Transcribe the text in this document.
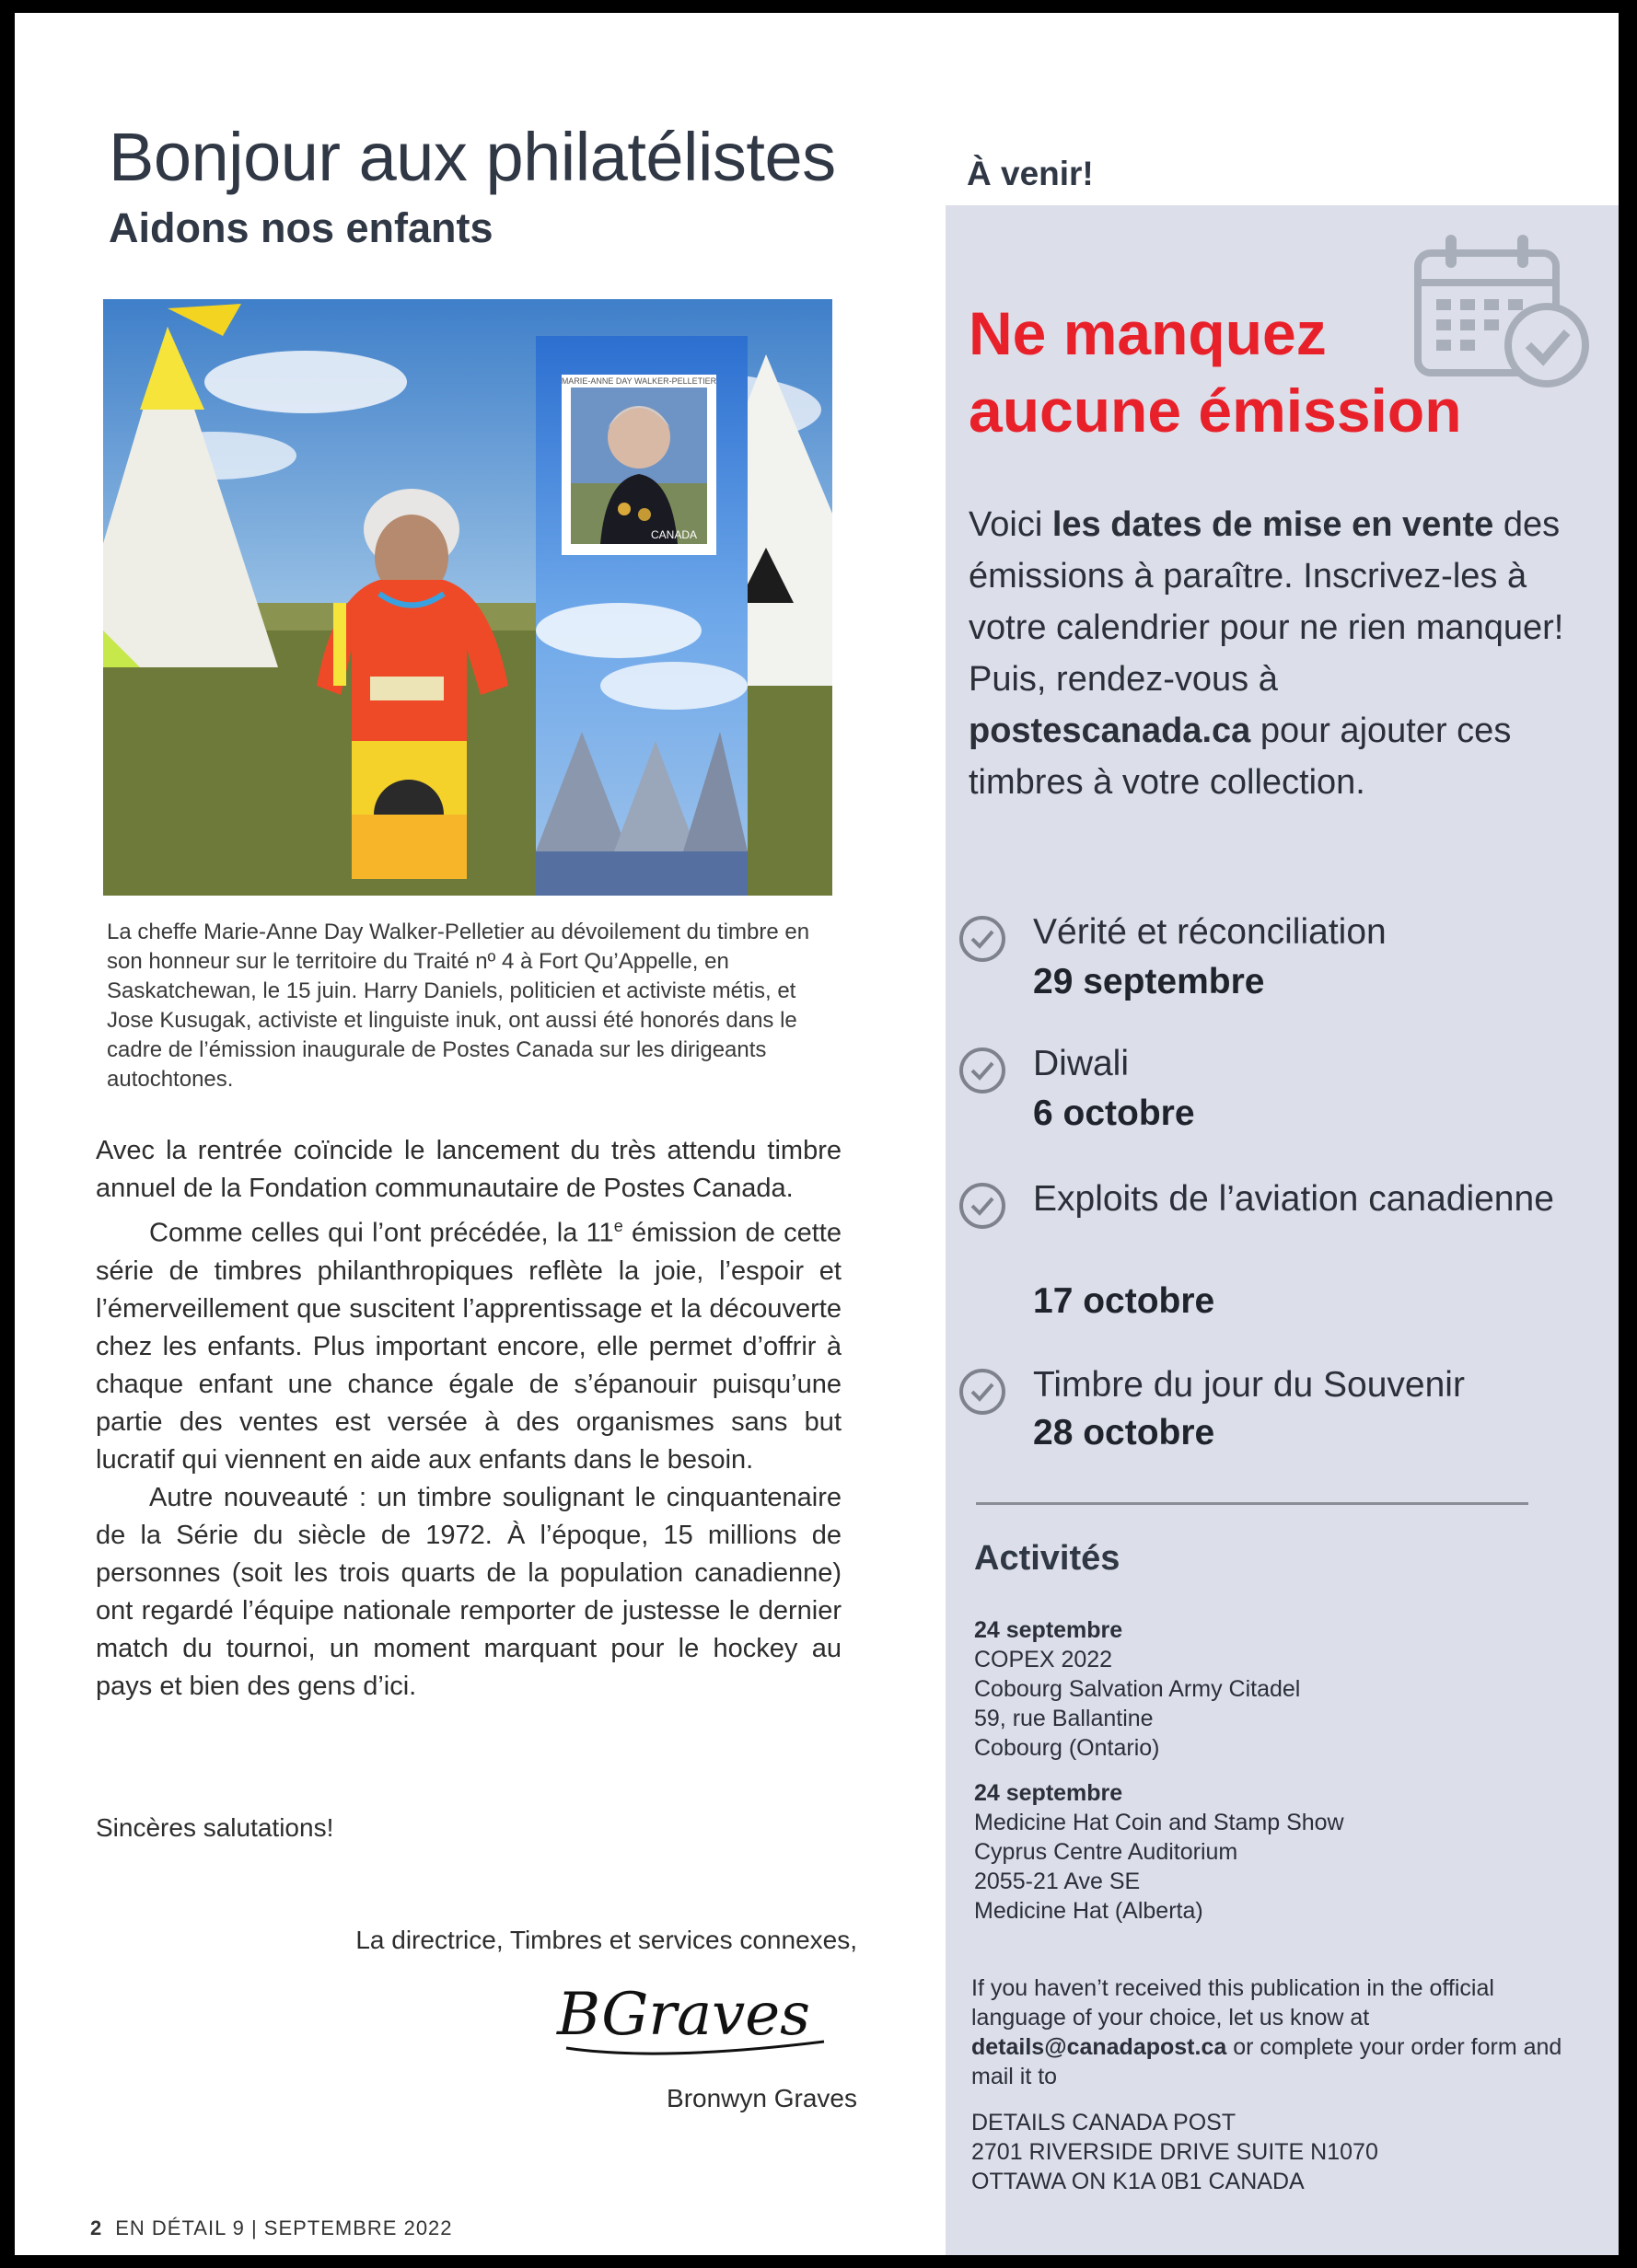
Bonjour aux philatélistes
Aidons nos enfants
MARIE-ANNE DAY WALKER-PELLETIER
CANADA
La cheffe Marie-Anne Day Walker-Pelletier au dévoilement du timbre en son honneur sur le territoire du Traité nº 4 à Fort Qu’Appelle, en Saskatchewan, le 15 juin. Harry Daniels, politicien et activiste métis, et Jose Kusugak, activiste et linguiste inuk, ont aussi été honorés dans le cadre de l’émission inaugurale de Postes Canada sur les dirigeants autochtones.

Avec la rentrée coïncide le lancement du très attendu timbre annuel de la Fondation communautaire de Postes Canada.

Comme celles qui l’ont précédée, la 11e émission de cette série de timbres philanthropiques reflète la joie, l’espoir et l’émerveillement que suscitent l’apprentissage et la découverte chez les enfants. Plus important encore, elle permet d’offrir à chaque enfant une chance égale de s’épanouir puisqu’une partie des ventes est versée à des organismes sans but lucratif qui viennent en aide aux enfants dans le besoin.

Autre nouveauté : un timbre soulignant le cinquantenaire de la Série du siècle de 1972. À l’époque, 15 millions de personnes (soit les trois quarts de la population canadienne) ont regardé l’équipe nationale remporter de justesse le dernier match du tournoi, un moment marquant pour le hockey au pays et bien des gens d’ici.

Sincères salutations!
La directrice, Timbres et services connexes,
BGraves
Bronwyn Graves
2 EN DÉTAIL 9 | SEPTEMBRE 2022
À venir!
Ne manquez
aucune émission
Voici les dates de mise en vente des émissions à paraître. Inscrivez-les à votre calendrier pour ne rien manquer! Puis, rendez-vous à postescanada.ca pour ajouter ces timbres à votre collection.
Vérité et réconciliation
29 septembre
Diwali
6 octobre
Exploits de l’aviation canadienne
17 octobre
Timbre du jour du Souvenir
28 octobre
Activités
24 septembre
COPEX 2022
Cobourg Salvation Army Citadel
59, rue Ballantine
Cobourg (Ontario)
24 septembre
Medicine Hat Coin and Stamp Show
Cyprus Centre Auditorium
2055-21 Ave SE
Medicine Hat (Alberta)
If you haven’t received this publication in the official language of your choice, let us know at details@canadapost.ca or complete your order form and mail it to
DETAILS CANADA POST
2701 RIVERSIDE DRIVE SUITE N1070
OTTAWA ON K1A 0B1 CANADA
